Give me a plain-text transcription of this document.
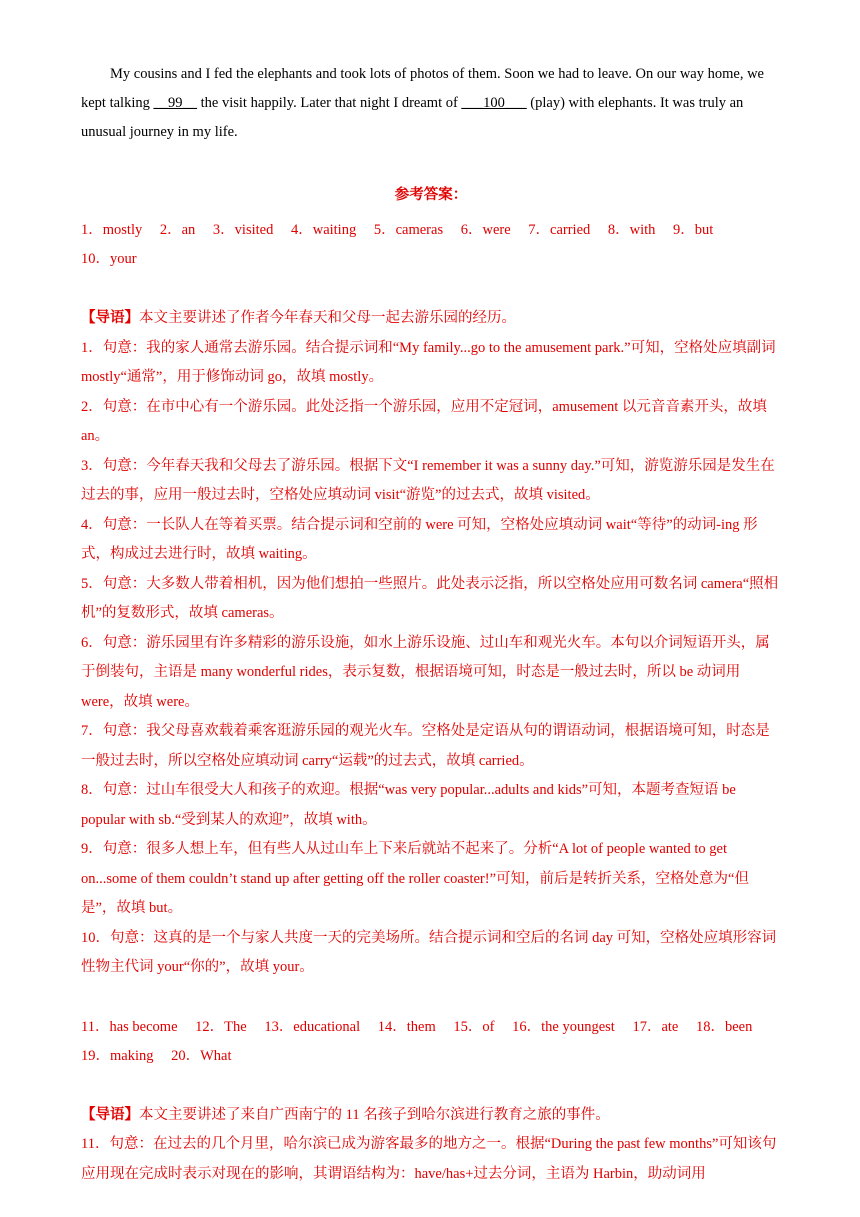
My cousins and I fed the elephants and took lots of photos of them. Soon we had to leave. On our way home, we kept talking __99__ the visit happily. Later that night I dreamt of ___100___ (play) with elephants. It was truly an unusual journey in my life.

参考答案：

1．mostly 2．an 3．visited 4．waiting 5．cameras 6．were 7．carried 8．with 9．but 10．your

【导语】本文主要讲述了作者今年春天和父母一起去游乐园的经历。

1．句意：我的家人通常去游乐园。结合提示词和“My family...go to the amusement park.”可知，空格处应填副词 mostly“通常”，用于修饰动词 go，故填 mostly。

2．句意：在市中心有一个游乐园。此处泛指一个游乐园，应用不定冠词，amusement 以元音音素开头，故填 an。

3．句意：今年春天我和父母去了游乐园。根据下文“I remember it was a sunny day.”可知，游览游乐园是发生在过去的事，应用一般过去时，空格处应填动词 visit“游览”的过去式，故填 visited。

4．句意：一长队人在等着买票。结合提示词和空前的 were 可知，空格处应填动词 wait“等待”的动词-ing 形式，构成过去进行时，故填 waiting。

5．句意：大多数人带着相机，因为他们想拍一些照片。此处表示泛指，所以空格处应用可数名词 camera“照相机”的复数形式，故填 cameras。

6．句意：游乐园里有许多精彩的游乐设施，如水上游乐设施、过山车和观光火车。本句以介词短语开头，属于倒装句，主语是 many wonderful rides，表示复数，根据语境可知，时态是一般过去时，所以 be 动词用 were，故填 were。

7．句意：我父母喜欢载着乘客逛游乐园的观光火车。空格处是定语从句的谓语动词，根据语境可知，时态是一般过去时，所以空格处应填动词 carry“运载”的过去式，故填 carried。

8．句意：过山车很受大人和孩子的欢迎。根据“was very popular...adults and kids”可知，本题考查短语 be popular with sb.“受到某人的欢迎”，故填 with。

9．句意：很多人想上车，但有些人从过山车上下来后就站不起来了。分析“A lot of people wanted to get on...some of them couldn’t stand up after getting off the roller coaster!”可知，前后是转折关系，空格处意为“但是”，故填 but。

10．句意：这真的是一个与家人共度一天的完美场所。结合提示词和空后的名词 day 可知，空格处应填形容词性物主代词 your“你的”，故填 your。

11．has become 12．The 13．educational 14．them 15．of 16．the youngest 17．ate 18．been 19．making 20．What

【导语】本文主要讲述了来自广西南宁的 11 名孩子到哈尔滨进行教育之旅的事件。

11．句意：在过去的几个月里，哈尔滨已成为游客最多的地方之一。根据“During the past few months”可知该句应用现在完成时表示对现在的影响，其谓语结构为：have/has+过去分词，主语为 Harbin，助动词用
